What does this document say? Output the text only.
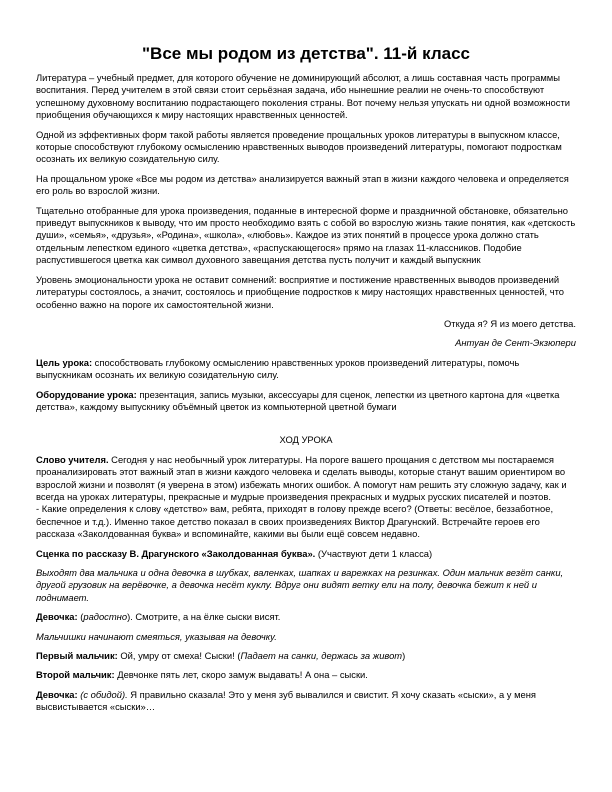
"Все мы родом из детства". 11-й класс

Литература – учебный предмет, для которого обучение не доминирующий абсолют, а лишь составная часть программы воспитания. Перед учителем в этой связи стоит серьёзная задача, ибо нынешние реалии не очень-то способствуют успешному духовному воспитанию подрастающего поколения страны. Вот почему нельзя упускать ни одной возможности приобщения обучающихся к миру настоящих нравственных ценностей.

Одной из эффективных форм такой работы является проведение прощальных уроков литературы в выпускном классе, которые способствуют глубокому осмыслению нравственных выводов произведений литературы, помогают подросткам осознать их великую созидательную силу.

На прощальном уроке «Все мы родом из детства» анализируется важный этап в жизни каждого человека и определяется его роль во взрослой жизни.

Тщательно отобранные для урока произведения, поданные в интересной форме и праздничной обстановке, обязательно приведут выпускников к выводу, что им просто необходимо взять с собой во взрослую жизнь такие понятия, как «детскость души», «семья», «друзья», «Родина», «школа», «любовь». Каждое из этих понятий в процессе урока должно стать отдельным лепестком единого «цветка детства», «распускающегося» прямо на глазах 11-классников. Подобие распустившегося цветка как символ духовного завещания детства пусть получит и каждый выпускник

Уровень эмоциональности урока не оставит сомнений: восприятие и постижение нравственных выводов произведений литературы состоялось, а значит, состоялось и приобщение подростков к миру настоящих нравственных ценностей, что особенно важно на пороге их самостоятельной жизни.

Откуда я? Я из моего детства.

Антуан де Сент-Экзюпери

Цель урока: способствовать глубокому осмыслению нравственных уроков произведений литературы, помочь выпускникам осознать их великую созидательную силу.

Оборудование урока: презентация, запись музыки, аксессуары для сценок, лепестки из цветного картона для «цветка детства», каждому выпускнику объёмный цветок из компьютерной цветной бумаги

ХОД УРОКА

Слово учителя. Сегодня у нас необычный урок литературы. На пороге вашего прощания с детством мы постараемся проанализировать этот важный этап в жизни каждого человека и сделать выводы, которые станут вашим ориентиром во взрослой жизни и позволят (я уверена в этом) избежать многих ошибок. А помогут нам решить эту сложную задачу, как и всегда на уроках литературы, прекрасные и мудрые произведения прекрасных и мудрых русских писателей и поэтов.
- Какие определения к слову «детство» вам, ребята, приходят в голову прежде всего? (Ответы: весёлое, беззаботное, беспечное и т.д.). Именно такое детство показал в своих произведениях Виктор Драгунский. Встречайте героев его рассказа «Заколдованная буква» и вспоминайте, какими вы были ещё совсем недавно.

Сценка по рассказу В. Драгунского «Заколдованная буква». (Участвуют дети 1 класса)

Выходят два мальчика и одна девочка в шубках, валенках, шапках и варежках на резинках. Один мальчик везёт санки, другой грузовик на верёвочке, а девочка несёт куклу. Вдруг они видят ветку ели на полу, девочка бежит к ней и поднимает.

Девочка: (радостно). Смотрите, а на ёлке сыски висят.

Мальчишки начинают смеяться, указывая на девочку.

Первый мальчик: Ой, умру от смеха! Сыски! (Падает на санки, держась за живот)

Второй мальчик: Девчонке пять лет, скоро замуж выдавать! А она – сыски.

Девочка: (с обидой). Я правильно сказала! Это у меня зуб вывалился и свистит. Я хочу сказать «сыски», а у меня высвистывается «сыски»…
